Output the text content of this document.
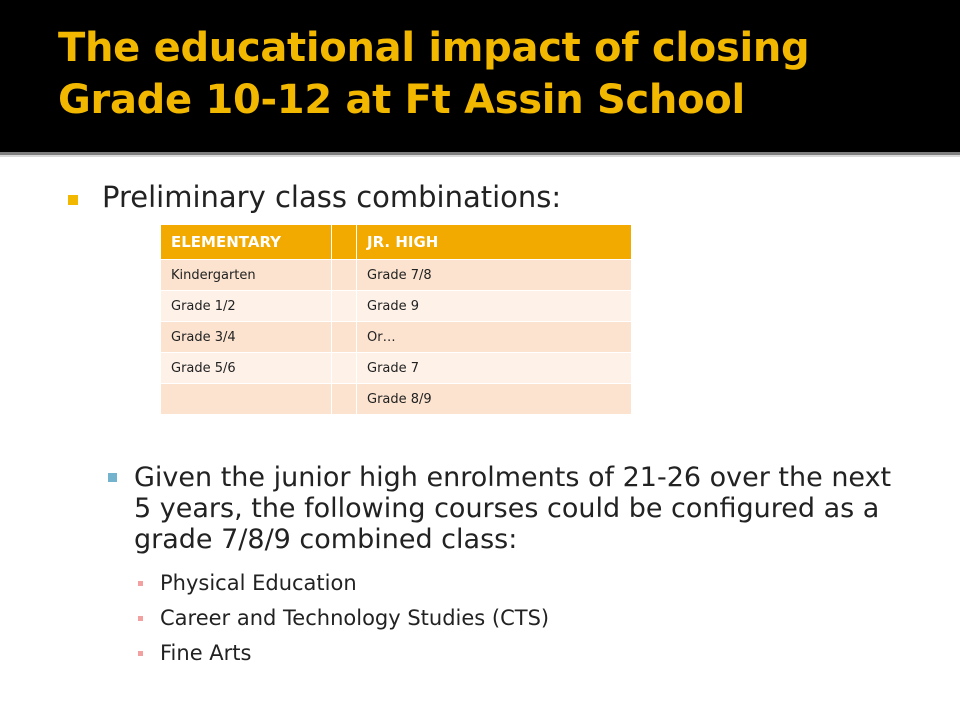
The educational impact of closing Grade 10-12 at Ft Assin School
Preliminary class combinations:
ELEMENTARY		JR. HIGH
Kindergarten		Grade 7/8
Grade 1/2		Grade 9
Grade 3/4		Or…
Grade 5/6		Grade 7
		Grade 8/9
Given the junior high enrolments of 21-26 over the next 5 years, the following courses could be configured as a grade 7/8/9 combined class:
Physical Education
Career and Technology Studies (CTS)
Fine Arts
